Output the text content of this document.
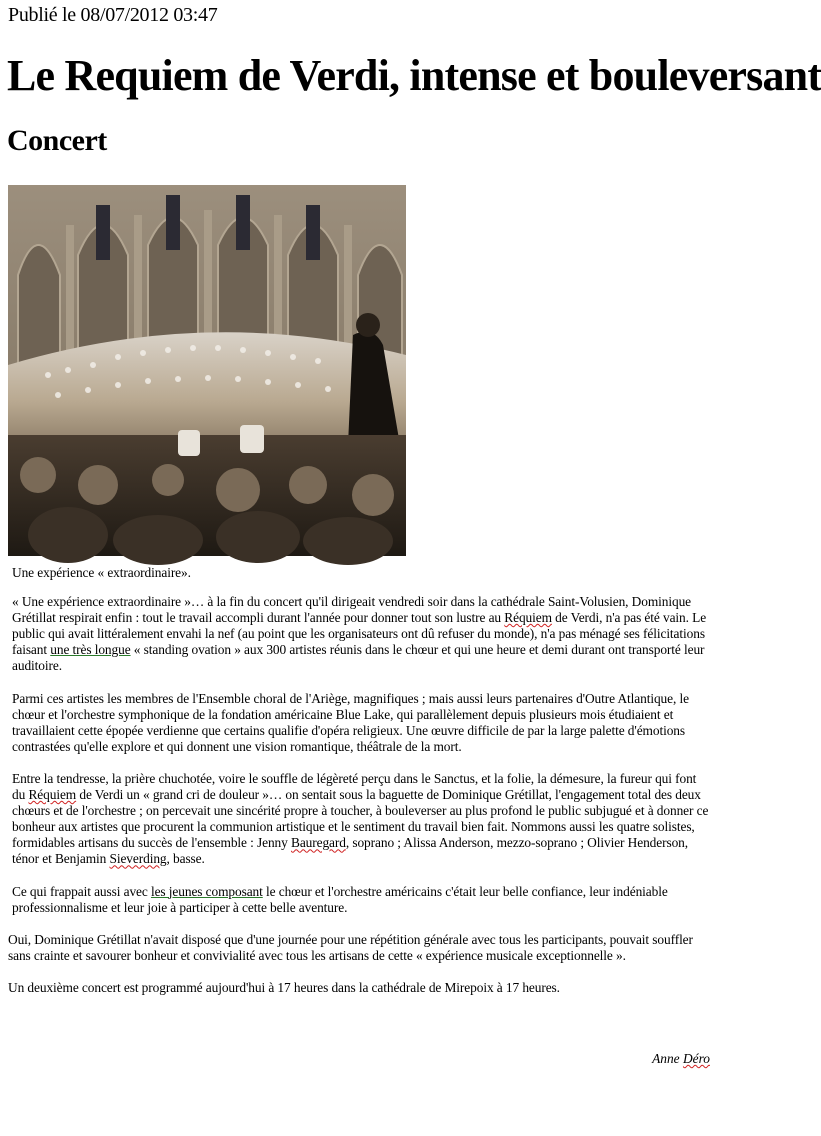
Publié le 08/07/2012 03:47
Le Requiem de Verdi, intense et bouleversant
Concert

Une expérience « extraordinaire».

« Une expérience extraordinaire »… à la fin du concert qu'il dirigeait vendredi soir dans la cathédrale Saint-Volusien, Dominique Grétillat respirait enfin : tout le travail accompli durant l'année pour donner tout son lustre au Réquiem de Verdi, n'a pas été vain. Le public qui avait littéralement envahi la nef (au point que les organisateurs ont dû refuser du monde), n'a pas ménagé ses félicitations faisant une très longue « standing ovation » aux 300 artistes réunis dans le chœur et qui une heure et demi durant ont transporté leur auditoire.

Parmi ces artistes les membres de l'Ensemble choral de l'Ariège, magnifiques ; mais aussi leurs partenaires d'Outre Atlantique, le chœur et l'orchestre symphonique de la fondation américaine Blue Lake, qui parallèlement depuis plusieurs mois étudiaient et travaillaient cette épopée verdienne que certains qualifie d'opéra religieux. Une œuvre difficile de par la large palette d'émotions contrastées qu'elle explore et qui donnent une vision romantique, théâtrale de la mort.

Entre la tendresse, la prière chuchotée, voire le souffle de légèreté perçu dans le Sanctus, et la folie, la démesure, la fureur qui font du Réquiem de Verdi un « grand cri de douleur »… on sentait sous la baguette de Dominique Grétillat, l'engagement total des deux chœurs et de l'orchestre ; on percevait une sincérité propre à toucher, à bouleverser au plus profond le public subjugué et à donner ce bonheur aux artistes que procurent la communion artistique et le sentiment du travail bien fait. Nommons aussi les quatre solistes, formidables artisans du succès de l'ensemble : Jenny Bauregard, soprano ; Alissa Anderson, mezzo-soprano ; Olivier Henderson, ténor et Benjamin Sieverding, basse.

Ce qui frappait aussi avec les jeunes composant le chœur et l'orchestre américains c'était leur belle confiance, leur indéniable professionnalisme et leur joie à participer à cette belle aventure.

Oui, Dominique Grétillat n'avait disposé que d'une journée pour une répétition générale avec tous les participants, pouvait souffler sans crainte et savourer bonheur et convivialité avec tous les artisans de cette « expérience musicale exceptionnelle ».

Un deuxième concert est programmé aujourd'hui à 17 heures dans la cathédrale de Mirepoix à 17 heures.

Anne Déro
